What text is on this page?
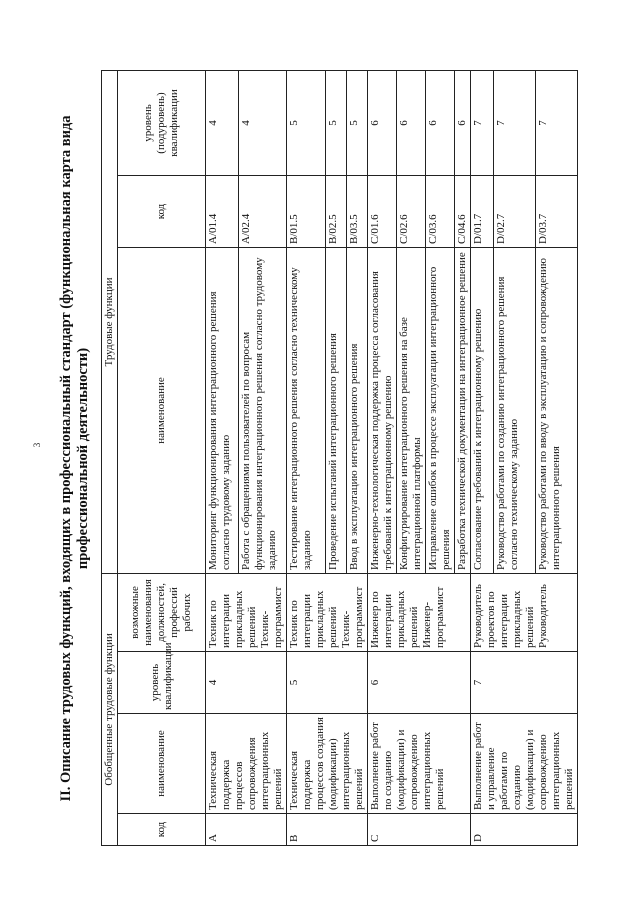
3 II. Описание трудовых функций, входящих в профессиональный стандарт (функциональная карта вида профессиональной деятельности)
Обобщенные трудовые функции				Трудовые функции		
код	наименование	уровень квалификации	возможные наименования должностей, профессий рабочих	наименование	код	уровень (подуровень) квалификации
A	Техническая поддержка процессов сопровождения интеграционных решений	4	Техник по интеграции прикладных решений Техник-программист	Мониторинг функционирования интеграционного решения согласно трудовому заданию	A/01.4	4
				Работа с обращениями пользователей по вопросам функционирования интеграционного решения согласно трудовому заданию	A/02.4	4
B	Техническая поддержка процессов создания (модификации) интеграционных решений	5	Техник по интеграции прикладных решений Техник-программист	Тестирование интеграционного решения согласно техническому заданию	B/01.5	5
				Проведение испытаний интеграционного решения	B/02.5	5
				Ввод в эксплуатацию интеграционного решения	B/03.5	5
C	Выполнение работ по созданию (модификации) и сопровождению интеграционных решений	6	Инженер по интеграции прикладных решений Инженер-программист	Инженерно-технологическая поддержка процесса согласования требований к интеграционному решению	C/01.6	6
				Конфигурирование интеграционного решения на базе интеграционной платформы	C/02.6	6
				Исправление ошибок в процессе эксплуатации интеграционного решения	C/03.6	6
				Разработка технической документации на интеграционное решение	C/04.6	6
D	Выполнение работ и управление работами по созданию (модификации) и сопровождению интеграционных решений	7	Руководитель проектов по интеграции прикладных решений Руководитель	Согласование требований к интеграционному решению	D/01.7	7
				Руководство работами по созданию интеграционного решения согласно техническому заданию	D/02.7	7
				Руководство работами по вводу в эксплуатацию и сопровождению интеграционного решения	D/03.7	7
